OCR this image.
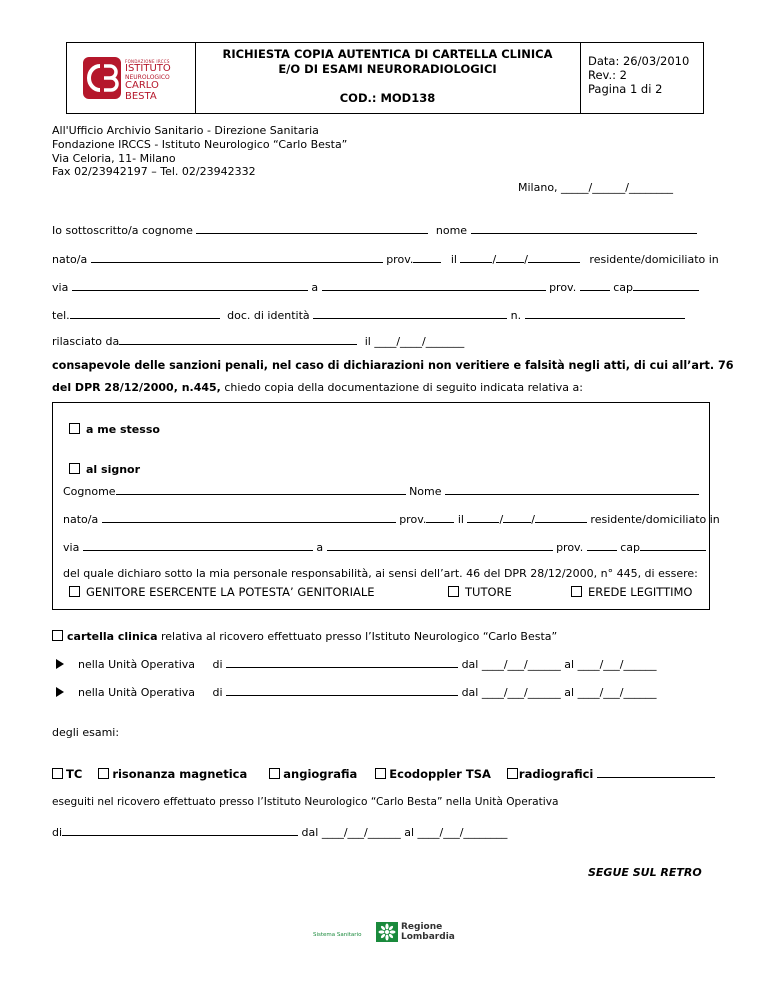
FONDAZIONE IRCCS
ISTITUTO
NEUROLOGICO
CARLO
BESTA
RICHIESTA COPIA AUTENTICA DI CARTELLA CLINICA
E/O DI ESAMI NEURORADIOLOGICI
COD.: MOD138
Data: 26/03/2010
Rev.: 2
Pagina 1 di 2
All'Ufficio Archivio Sanitario - Direzione Sanitaria
Fondazione IRCCS - Istituto Neurologico “Carlo Besta”
Via Celoria, 11- Milano
Fax 02/23942197 – Tel. 02/23942332
Milano, _____/______/________
Io sottoscritto/a cognome	nome
nato/a	prov.	il	/	/	residente/domiciliato in
via	a	prov.	cap
tel.	doc. di identità	n.
rilasciato da	il ____/____/_______
consapevole delle sanzioni penali, nel caso di dichiarazioni non veritiere e falsità negli atti, di cui all’art. 76
del DPR 28/12/2000, n.445, chiedo copia della documentazione di seguito indicata relativa a:
a me stesso
al signor
Cognome	Nome
nato/a	prov.	il	/	/	residente/domiciliato in
via	a	prov.	cap
del quale dichiaro sotto la mia personale responsabilità, ai sensi dell’art. 46 del DPR 28/12/2000, n° 445, di essere:
GENITORE ESERCENTE LA POTESTA’ GENITORIALE	TUTORE	EREDE LEGITTIMO
cartella clinica relativa al ricovero effettuato presso l’Istituto Neurologico “Carlo Besta”
nella Unità Operativa di	dal ____/___/______ al ____/___/______
nella Unità Operativa di	dal ____/___/______ al ____/___/______
degli esami:
TC	risonanza magnetica	angiografia	Ecodoppler TSA radiografici
eseguiti nel ricovero effettuato presso l’Istituto Neurologico “Carlo Besta” nella Unità Operativa
di	dal ____/___/______ al ____/___/________
SEGUE SUL RETRO
Sistema Sanitario
Regione
Lombardia
